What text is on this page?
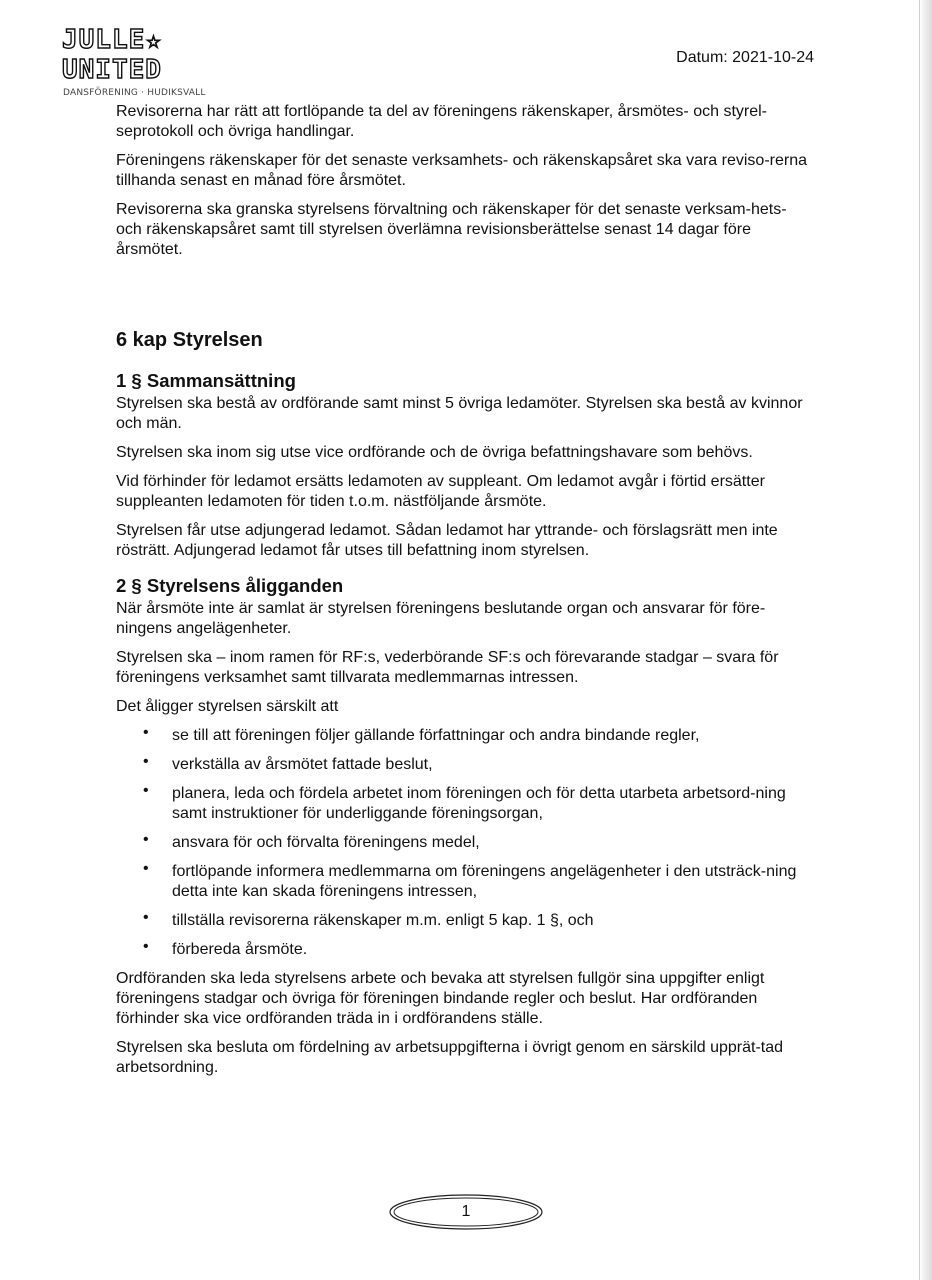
JULLE☆
UNITED
DANSFÖRENING · HUDIKSVALL
Datum: 2021-10-24

Revisorerna har rätt att fortlöpande ta del av föreningens räkenskaper, årsmötes- och styrel-seprotokoll och övriga handlingar.

Föreningens räkenskaper för det senaste verksamhets- och räkenskapsåret ska vara reviso-rerna tillhanda senast en månad före årsmötet.

Revisorerna ska granska styrelsens förvaltning och räkenskaper för det senaste verksam-hets- och räkenskapsåret samt till styrelsen överlämna revisionsberättelse senast 14 dagar före årsmötet.

6 kap Styrelsen
1 § Sammansättning

Styrelsen ska bestå av ordförande samt minst 5 övriga ledamöter. Styrelsen ska bestå av kvinnor och män.

Styrelsen ska inom sig utse vice ordförande och de övriga befattningshavare som behövs.

Vid förhinder för ledamot ersätts ledamoten av suppleant. Om ledamot avgår i förtid ersätter suppleanten ledamoten för tiden t.o.m. nästföljande årsmöte.

Styrelsen får utse adjungerad ledamot. Sådan ledamot har yttrande- och förslagsrätt men inte rösträtt. Adjungerad ledamot får utses till befattning inom styrelsen.

2 § Styrelsens åligganden

När årsmöte inte är samlat är styrelsen föreningens beslutande organ och ansvarar för före-ningens angelägenheter.

Styrelsen ska – inom ramen för RF:s, vederbörande SF:s och förevarande stadgar – svara för föreningens verksamhet samt tillvarata medlemmarnas intressen.

Det åligger styrelsen särskilt att

• se till att föreningen följer gällande författningar och andra bindande regler,
• verkställa av årsmötet fattade beslut,
• planera, leda och fördela arbetet inom föreningen och för detta utarbeta arbetsord-ning samt instruktioner för underliggande föreningsorgan,
• ansvara för och förvalta föreningens medel,
• fortlöpande informera medlemmarna om föreningens angelägenheter i den utsträck-ning detta inte kan skada föreningens intressen,
• tillställa revisorerna räkenskaper m.m. enligt 5 kap. 1 §, och
• förbereda årsmöte.

Ordföranden ska leda styrelsens arbete och bevaka att styrelsen fullgör sina uppgifter enligt föreningens stadgar och övriga för föreningen bindande regler och beslut. Har ordföranden förhinder ska vice ordföranden träda in i ordförandens ställe.

Styrelsen ska besluta om fördelning av arbetsuppgifterna i övrigt genom en särskild upprät-tad arbetsordning.

1
